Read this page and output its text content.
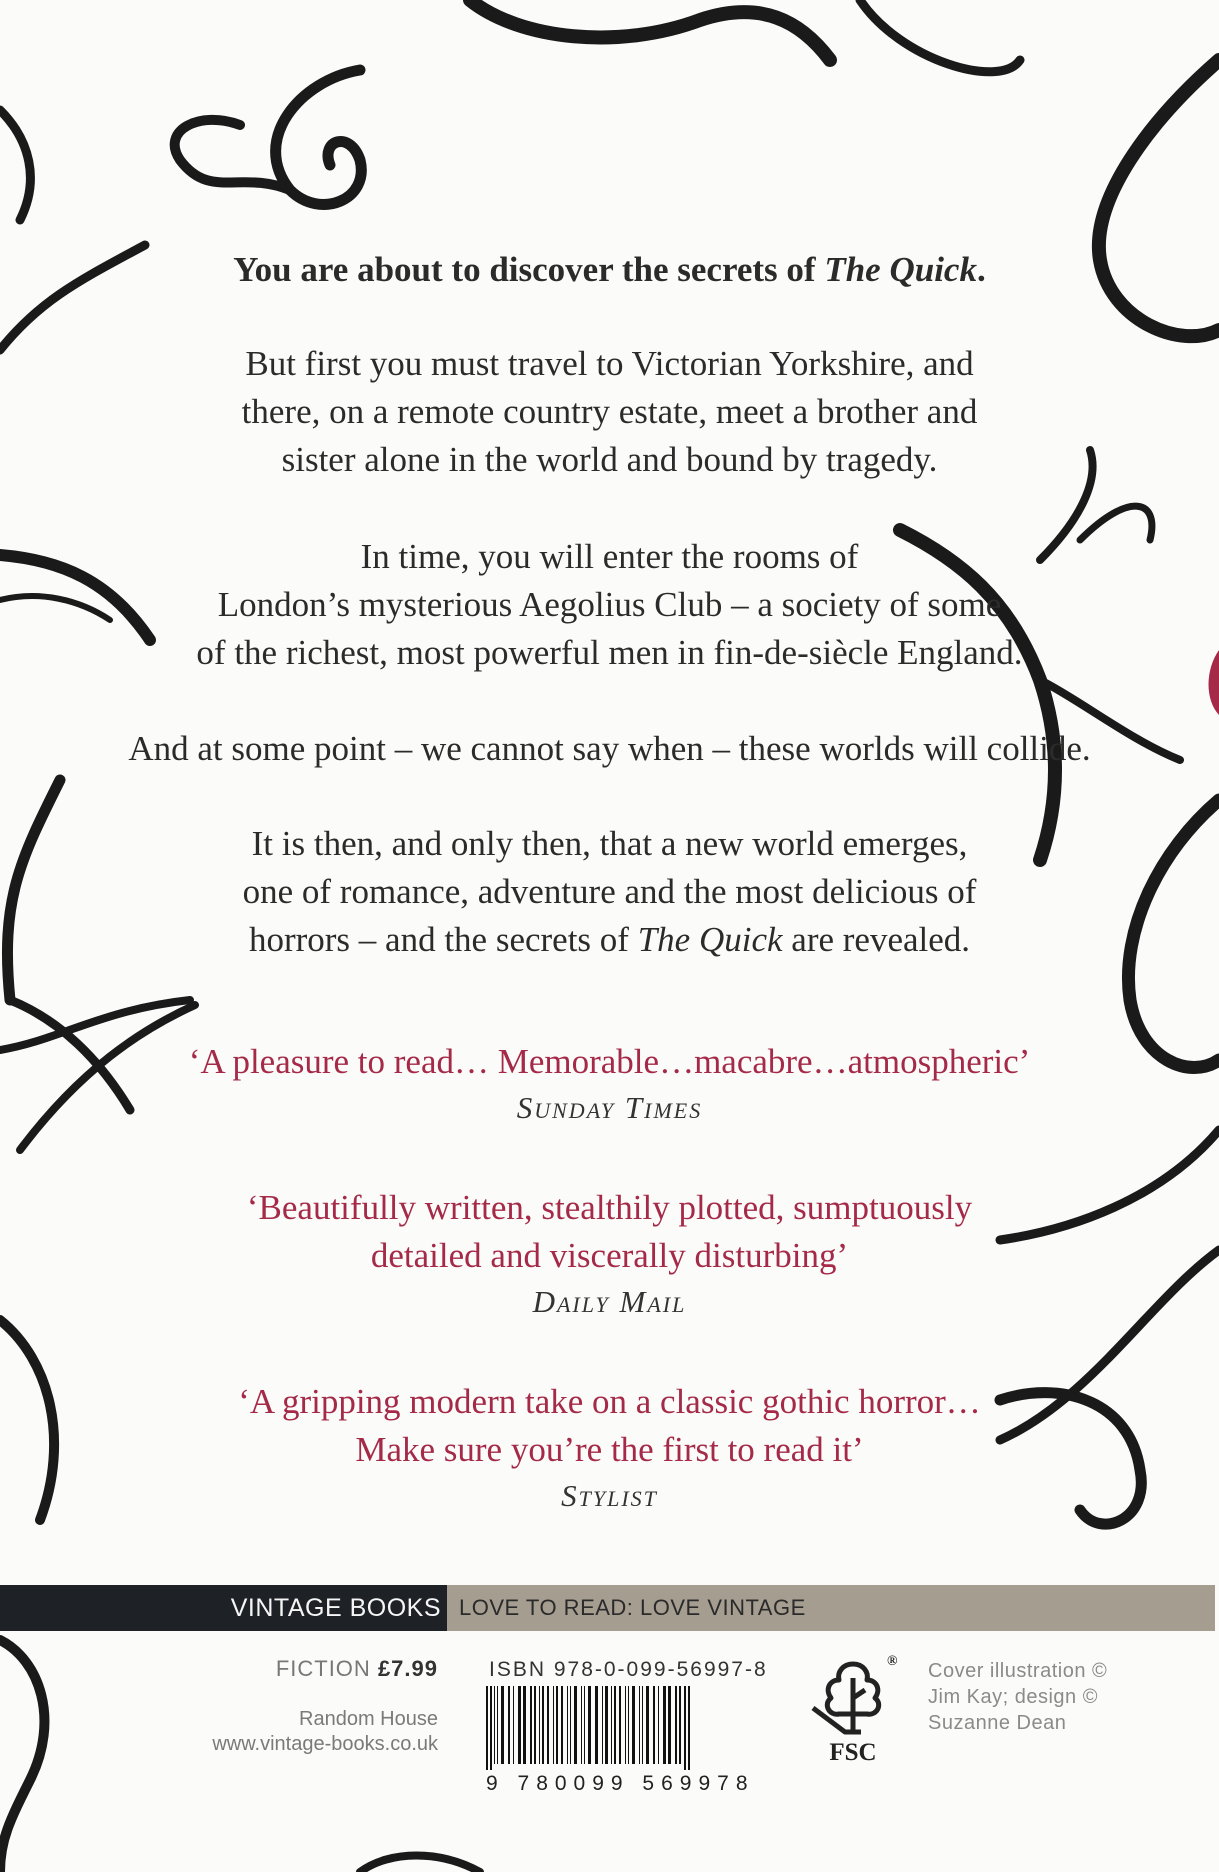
You are about to discover the secrets of The Quick.

But first you must travel to Victorian Yorkshire, and

there, on a remote country estate, meet a brother and

sister alone in the world and bound by tragedy.

In time, you will enter the rooms of

London’s mysterious Aegolius Club – a society of some

of the richest, most powerful men in fin-de-siècle England.

And at some point – we cannot say when – these worlds will collide.

It is then, and only then, that a new world emerges,

one of romance, adventure and the most delicious of

horrors – and the secrets of The Quick are revealed.

‘A pleasure to read… Memorable…macabre…atmospheric’

Sunday Times

‘Beautifully written, stealthily plotted, sumptuously

detailed and viscerally disturbing’

Daily Mail

‘A gripping modern take on a classic gothic horror…

Make sure you’re the first to read it’

Stylist

VINTAGE BOOKS LOVE TO READ: LOVE VINTAGE
FICTION £7.99
Random House
www.vintage-books.co.uk
ISBN 978-0-099-56997-8
9 780099 569978
FSC
® Cover illustration ©
Jim Kay; design ©
Suzanne Dean
